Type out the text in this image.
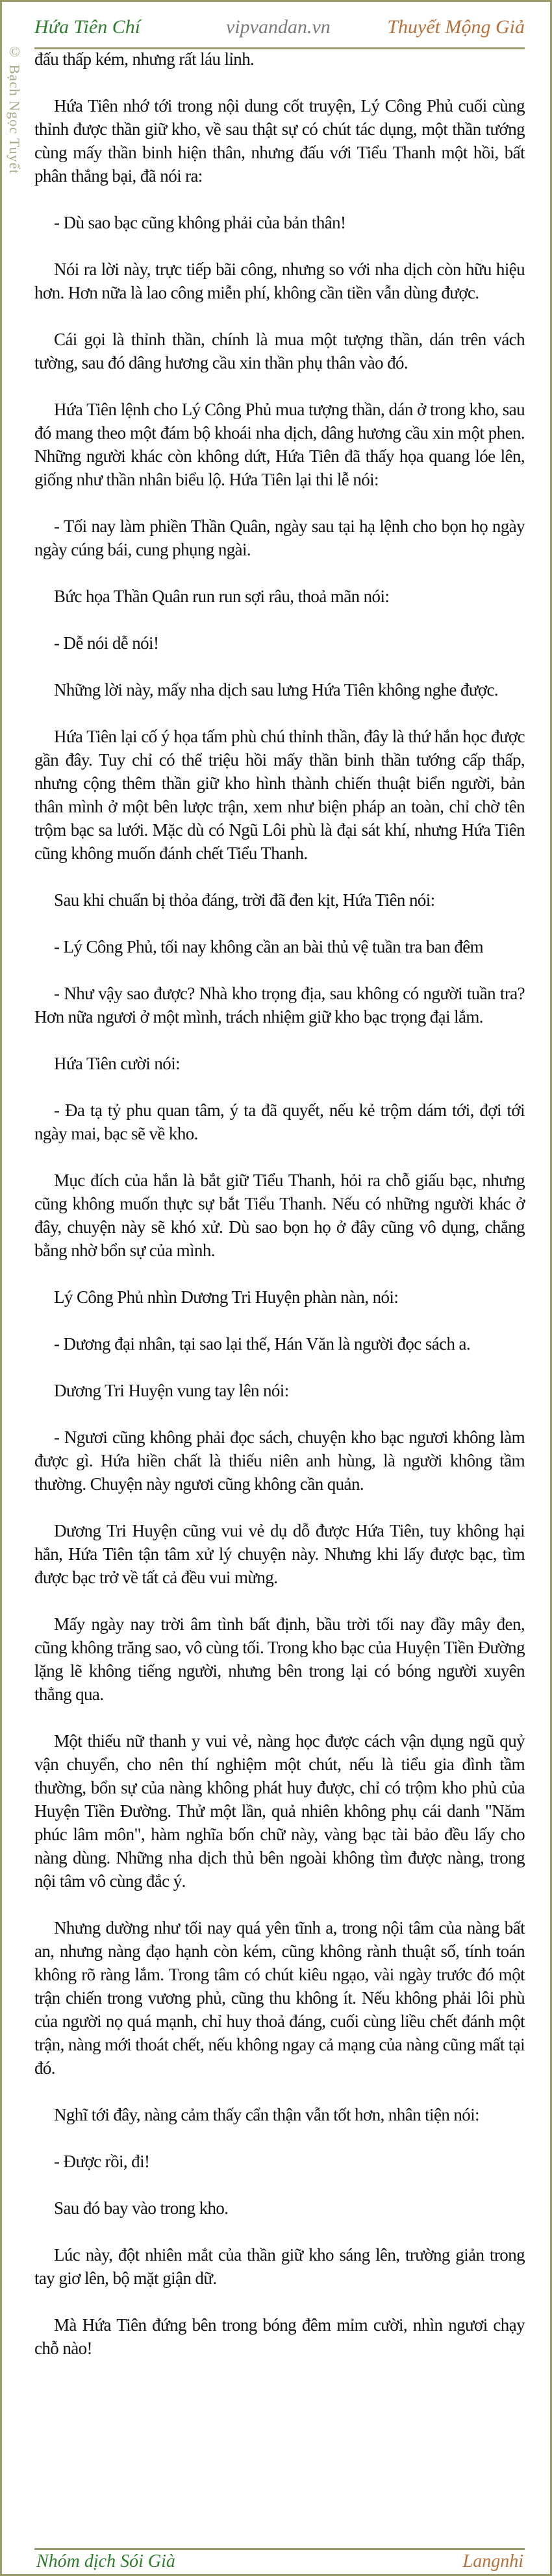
Hứa Tiên Chí	vipvandan.vn	Thuyết Mộng Giả
© Bạch Ngọc Tuyết đấu thấp kém, nhưng rất láu lỉnh.

Hứa Tiên nhớ tới trong nội dung cốt truyện, Lý Công Phủ cuối cùng thỉnh được thần giữ kho, về sau thật sự có chút tác dụng, một thần tướng cùng mấy thần binh hiện thân, nhưng đấu với Tiểu Thanh một hồi, bất phân thắng bại, đã nói ra:

- Dù sao bạc cũng không phải của bản thân!

Nói ra lời này, trực tiếp bãi công, nhưng so với nha dịch còn hữu hiệu hơn. Hơn nữa là lao công miễn phí, không cần tiền vẫn dùng được.

Cái gọi là thỉnh thần, chính là mua một tượng thần, dán trên vách tường, sau đó dâng hương cầu xin thần phụ thân vào đó.

Hứa Tiên lệnh cho Lý Công Phủ mua tượng thần, dán ở trong kho, sau đó mang theo một đám bộ khoái nha dịch, dâng hương cầu xin một phen. Những người khác còn không dứt, Hứa Tiên đã thấy họa quang lóe lên, giống như thần nhân biểu lộ. Hứa Tiên lại thi lễ nói:

- Tối nay làm phiền Thần Quân, ngày sau tại hạ lệnh cho bọn họ ngày ngày cúng bái, cung phụng ngài.

Bức họa Thần Quân run run sợi râu, thoả mãn nói:

- Dễ nói dễ nói!

Những lời này, mấy nha dịch sau lưng Hứa Tiên không nghe được.

Hứa Tiên lại cố ý họa tấm phù chú thỉnh thần, đây là thứ hắn học được gần đây. Tuy chỉ có thể triệu hồi mấy thần binh thần tướng cấp thấp, nhưng cộng thêm thần giữ kho hình thành chiến thuật biển người, bản thân mình ở một bên lược trận, xem như biện pháp an toàn, chỉ chờ tên trộm bạc sa lưới. Mặc dù có Ngũ Lôi phù là đại sát khí, nhưng Hứa Tiên cũng không muốn đánh chết Tiểu Thanh.

Sau khi chuẩn bị thỏa đáng, trời đã đen kịt, Hứa Tiên nói:

- Lý Công Phủ, tối nay không cần an bài thủ vệ tuần tra ban đêm

- Như vậy sao được? Nhà kho trọng địa, sau không có người tuần tra? Hơn nữa ngươi ở một mình, trách nhiệm giữ kho bạc trọng đại lắm.

Hứa Tiên cười nói:

- Đa tạ tỷ phu quan tâm, ý ta đã quyết, nếu kẻ trộm dám tới, đợi tới ngày mai, bạc sẽ về kho.

Mục đích của hắn là bắt giữ Tiểu Thanh, hỏi ra chỗ giấu bạc, nhưng cũng không muốn thực sự bắt Tiểu Thanh. Nếu có những người khác ở đây, chuyện này sẽ khó xử. Dù sao bọn họ ở đây cũng vô dụng, chẳng bằng nhờ bổn sự của mình.

Lý Công Phủ nhìn Dương Tri Huyện phàn nàn, nói:

- Dương đại nhân, tại sao lại thế, Hán Văn là người đọc sách a.

Dương Tri Huyện vung tay lên nói:

- Ngươi cũng không phải đọc sách, chuyện kho bạc ngươi không làm được gì. Hứa hiền chất là thiếu niên anh hùng, là người không tầm thường. Chuyện này ngươi cũng không cần quản.

Dương Tri Huyện cũng vui vẻ dụ dỗ được Hứa Tiên, tuy không hại hắn, Hứa Tiên tận tâm xử lý chuyện này. Nhưng khi lấy được bạc, tìm được bạc trở về tất cả đều vui mừng.

Mấy ngày nay trời âm tình bất định, bầu trời tối nay đầy mây đen, cũng không trăng sao, vô cùng tối. Trong kho bạc của Huyện Tiền Đường lặng lẽ không tiếng người, nhưng bên trong lại có bóng người xuyên thẳng qua.

Một thiếu nữ thanh y vui vẻ, nàng học được cách vận dụng ngũ quỷ vận chuyển, cho nên thí nghiệm một chút, nếu là tiểu gia đình tầm thường, bổn sự của nàng không phát huy được, chỉ có trộm kho phủ của Huyện Tiền Đường. Thử một lần, quả nhiên không phụ cái danh "Năm phúc lâm môn", hàm nghĩa bốn chữ này, vàng bạc tài bảo đều lấy cho nàng dùng. Những nha dịch thủ bên ngoài không tìm được nàng, trong nội tâm vô cùng đắc ý.

Nhưng dường như tối nay quá yên tĩnh a, trong nội tâm của nàng bất an, nhưng nàng đạo hạnh còn kém, cũng không rành thuật số, tính toán không rõ ràng lắm. Trong tâm có chút kiêu ngạo, vài ngày trước đó một trận chiến trong vương phủ, cũng thu không ít. Nếu không phải lôi phù của người nọ quá mạnh, chỉ huy thoả đáng, cuối cùng liều chết đánh một trận, nàng mới thoát chết, nếu không ngay cả mạng của nàng cũng mất tại đó.

Nghĩ tới đây, nàng cảm thấy cẩn thận vẫn tốt hơn, nhân tiện nói:

- Được rồi, đi!

Sau đó bay vào trong kho.

Lúc này, đột nhiên mắt của thần giữ kho sáng lên, trường giản trong tay giơ lên, bộ mặt giận dữ.

Mà Hứa Tiên đứng bên trong bóng đêm mỉm cười, nhìn ngươi chạy chỗ nào!

Nhóm dịch Sói Già	Langnhi
